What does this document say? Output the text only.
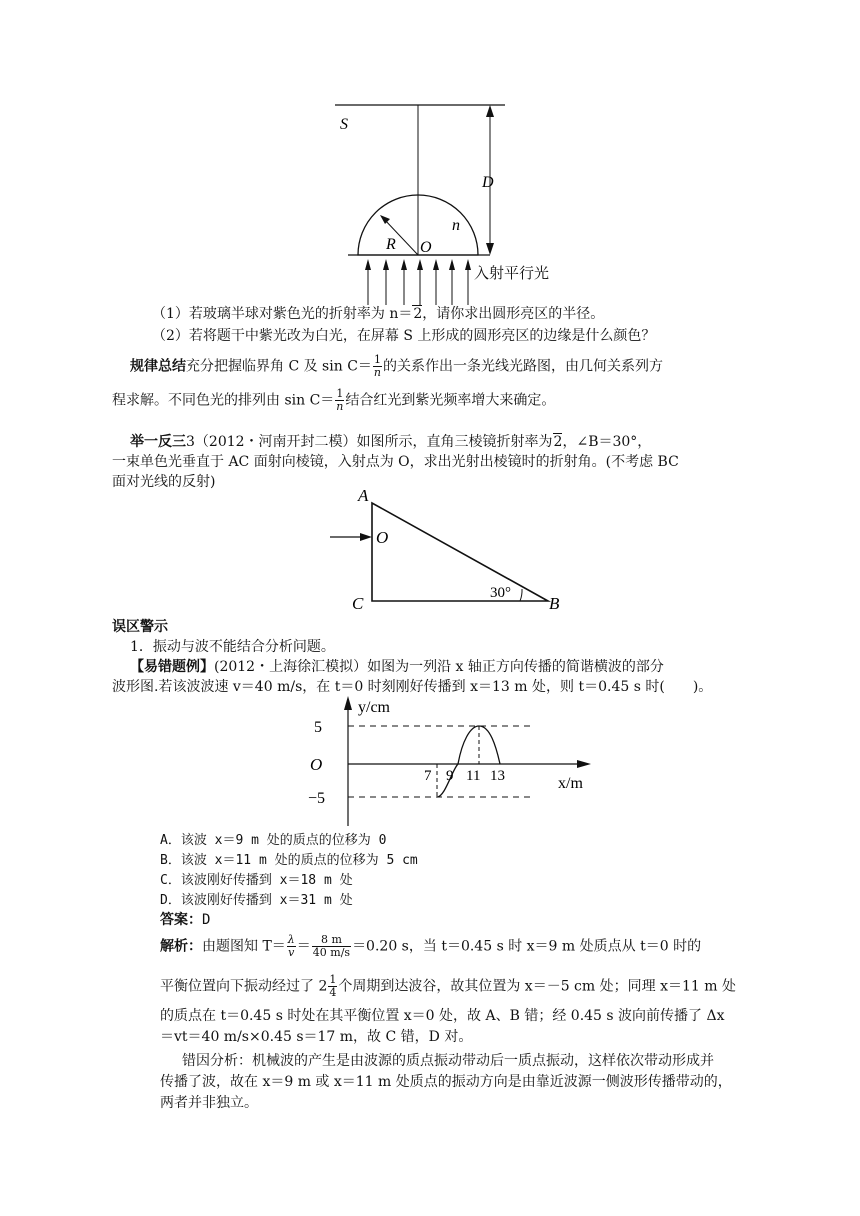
S
D
R O
n
入射平行光
（1）若玻璃半球对紫色光的折射率为 n＝2，请你求出圆形亮区的半径。
（2）若将题干中紫光改为白光，在屏幕 S 上形成的圆形亮区的边缘是什么颜色？
规律总结充分把握临界角 C 及 $\sin C= \frac{1}{n}$ 的关系作出一条光线光路图，由几何关系列方
程求解。不同色光的排列由 $\sin C= \frac{1}{n}$ 结合红光到紫光频率增大来确定。
举一反三3（2012・河南开封二模）如图所示，直角三棱镜折射率为2，∠B＝30°，
一束单色光垂直于 AC 面射向棱镜，入射点为 O，求出光射出棱镜时的折射角。(不考虑 BC
面对光线的反射)
A
O
C	B
30°
误区警示
1．振动与波不能结合分析问题。
【易错题例】(2012・上海徐汇模拟）如图为一列沿 x 轴正方向传播的简谐横波的部分
波形图.若该波波速 v＝40 m/s，在 t＝0 时刻刚好传播到 x＝13 m 处，则 t＝0.45 s 时(　　)。
y/cm
x/m
O
5
−5
7 9 11 13
A．该波 x＝9 m 处的质点的位移为 0
B．该波 x＝11 m 处的质点的位移为 5 cm
C．该波刚好传播到 x＝18 m 处
D．该波刚好传播到 x＝31 m 处
答案：D
解析：由题图知 $T= \frac{\lambda}{v} = \frac{8 m}{40 m/s} =0.20$ s，当 t＝0.45 s 时 x＝9 m 处质点从 t＝0 时的
平衡位置向下振动经过了 $2 \frac{1}{4}$ 个周期到达波谷，故其位置为 x＝－5 cm 处；同理 x＝11 m 处
的质点在 t＝0.45 s 时处在其平衡位置 x＝0 处，故 A、B 错；经 0.45 s 波向前传播了 Δx
＝vt＝40 m/s×0.45 s＝17 m，故 C 错，D 对。
错因分析：机械波的产生是由波源的质点振动带动后一质点振动，这样依次带动形成并
传播了波，故在 x＝9 m 或 x＝11 m 处质点的振动方向是由靠近波源一侧波形传播带动的，
两者并非独立。
